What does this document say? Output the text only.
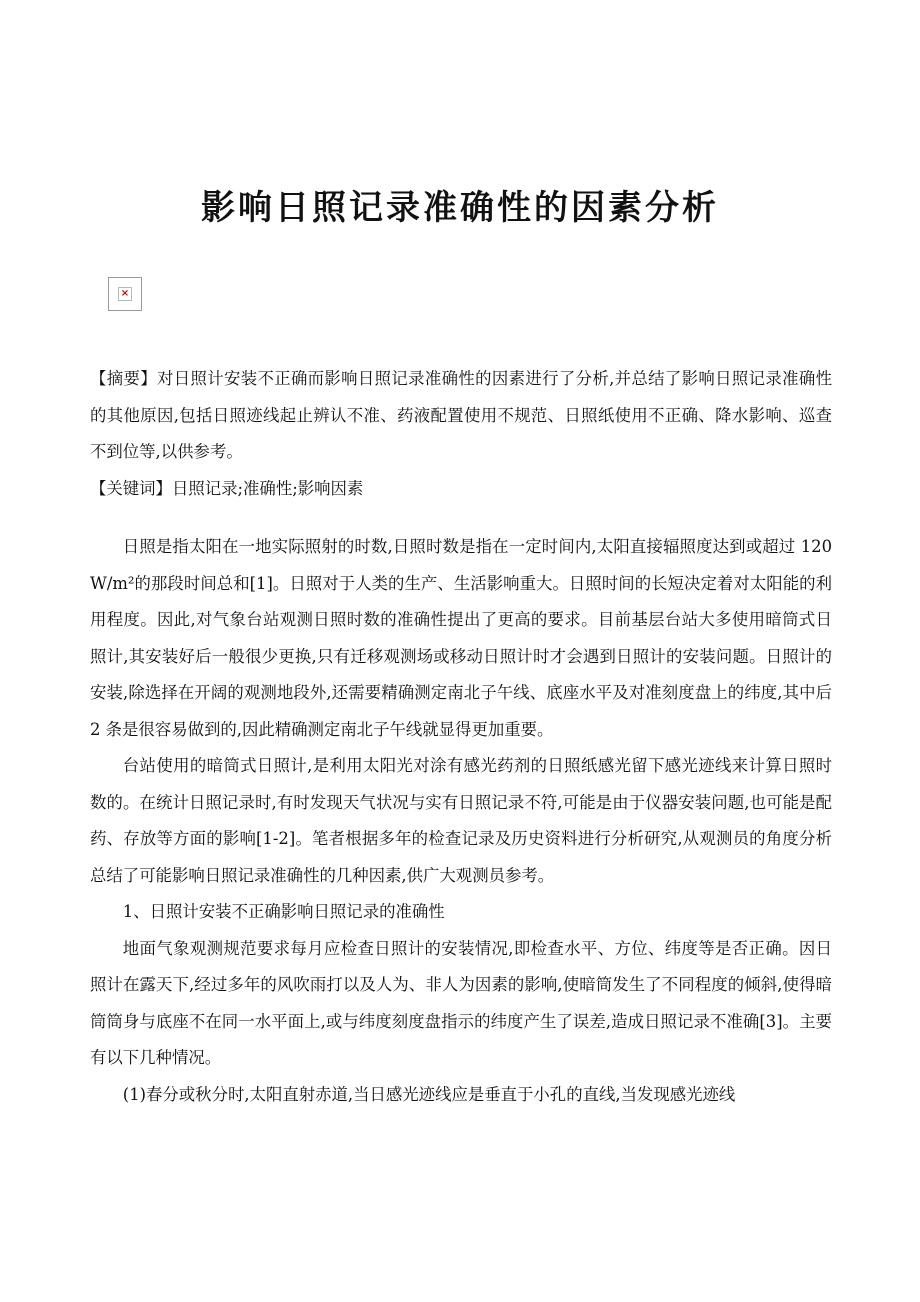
影响日照记录准确性的因素分析
×

【摘要】对日照计安装不正确而影响日照记录准确性的因素进行了分析,并总结了影响日照记录准确性的其他原因,包括日照迹线起止辨认不准、药液配置使用不规范、日照纸使用不正确、降水影响、巡查不到位等,以供参考。

【关键词】日照记录;准确性;影响因素

日照是指太阳在一地实际照射的时数,日照时数是指在一定时间内,太阳直接辐照度达到或超过 120 W/m²的那段时间总和[1]。日照对于人类的生产、生活影响重大。日照时间的长短决定着对太阳能的利用程度。因此,对气象台站观测日照时数的准确性提出了更高的要求。目前基层台站大多使用暗筒式日照计,其安装好后一般很少更换,只有迁移观测场或移动日照计时才会遇到日照计的安装问题。日照计的安装,除选择在开阔的观测地段外,还需要精确测定南北子午线、底座水平及对准刻度盘上的纬度,其中后 2 条是很容易做到的,因此精确测定南北子午线就显得更加重要。

台站使用的暗筒式日照计,是利用太阳光对涂有感光药剂的日照纸感光留下感光迹线来计算日照时数的。在统计日照记录时,有时发现天气状况与实有日照记录不符,可能是由于仪器安装问题,也可能是配药、存放等方面的影响[1-2]。笔者根据多年的检查记录及历史资料进行分析研究,从观测员的角度分析总结了可能影响日照记录准确性的几种因素,供广大观测员参考。

1、日照计安装不正确影响日照记录的准确性

地面气象观测规范要求每月应检查日照计的安装情况,即检查水平、方位、纬度等是否正确。因日照计在露天下,经过多年的风吹雨打以及人为、非人为因素的影响,使暗筒发生了不同程度的倾斜,使得暗筒筒身与底座不在同一水平面上,或与纬度刻度盘指示的纬度产生了误差,造成日照记录不准确[3]。主要有以下几种情况。

(1)春分或秋分时,太阳直射赤道,当日感光迹线应是垂直于小孔的直线,当发现感光迹线
